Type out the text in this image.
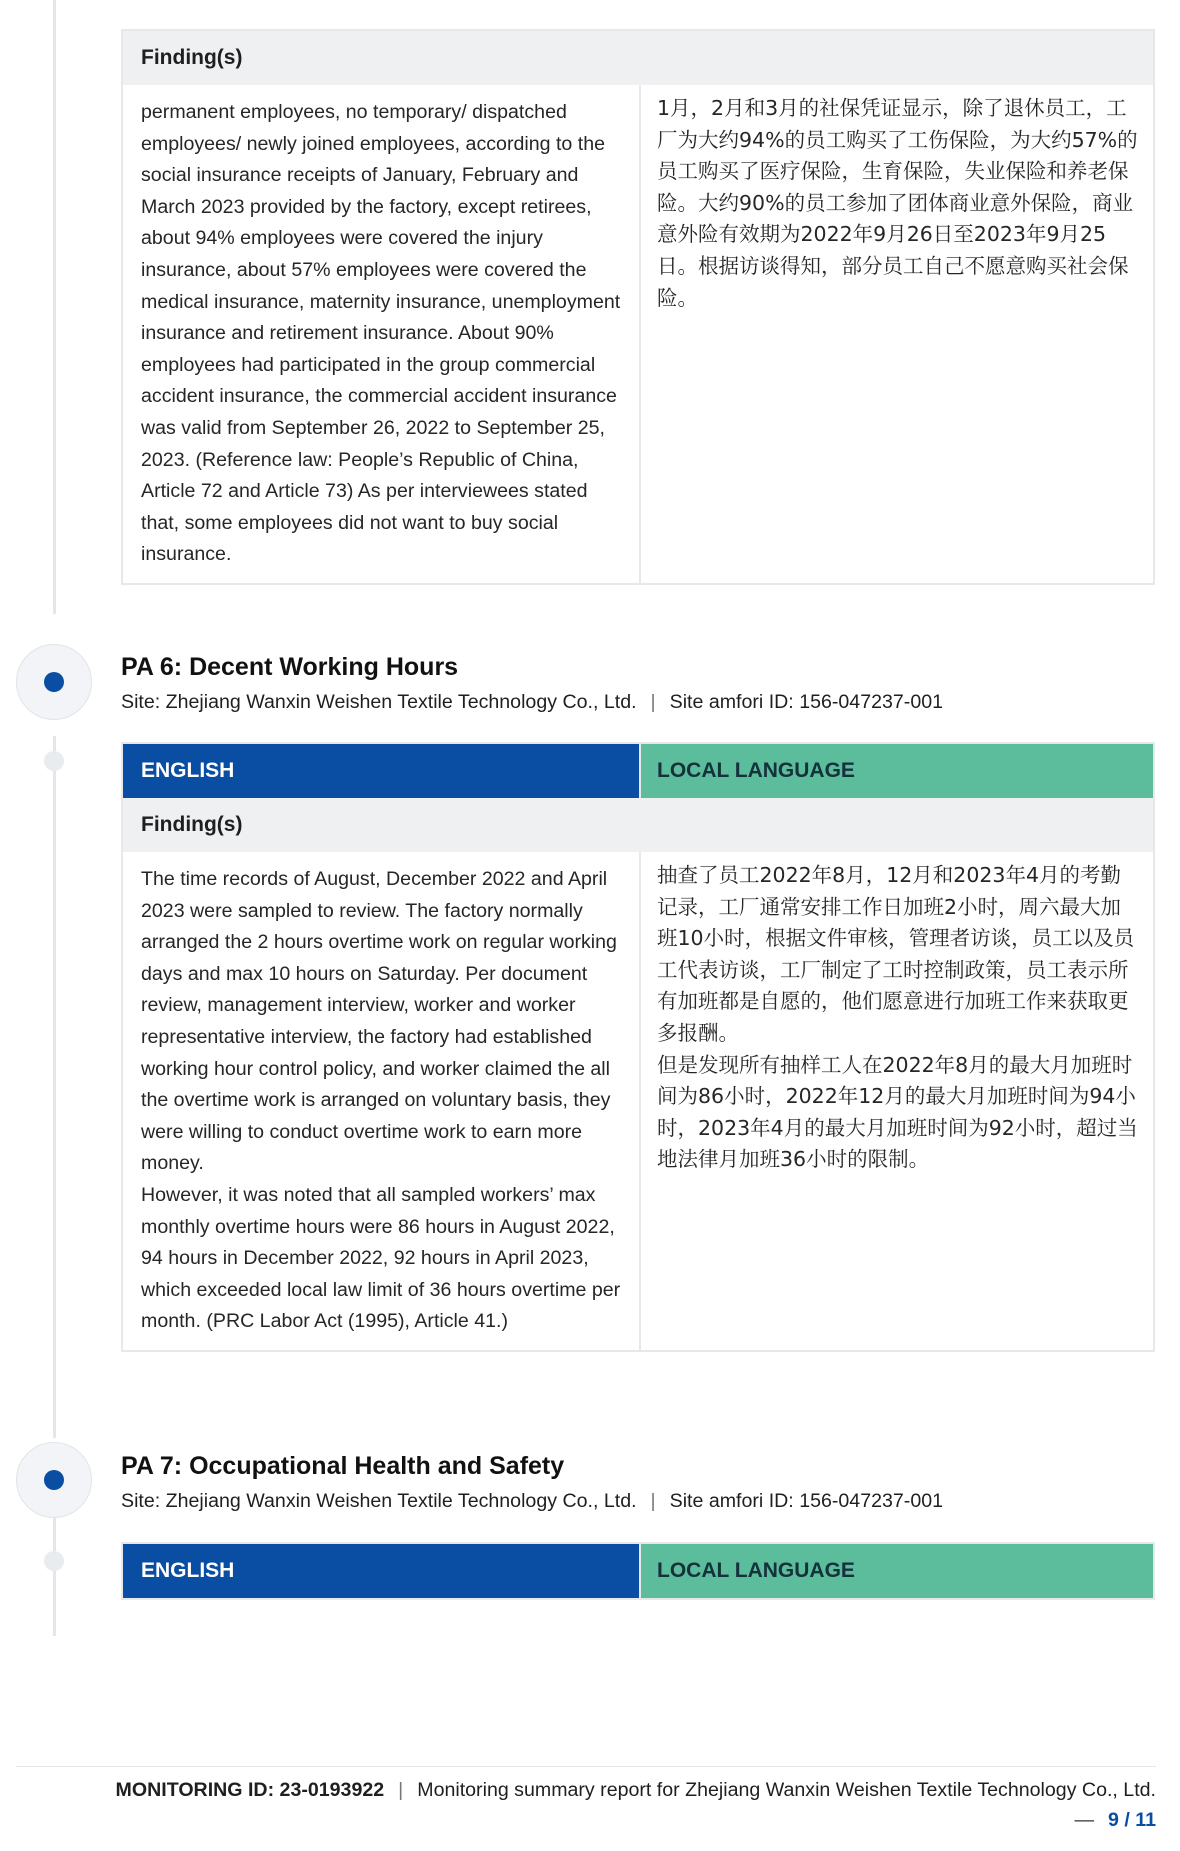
Finding(s)
permanent employees, no temporary/ dispatched employees/ newly joined employees, according to the social insurance receipts of January, February and March 2023 provided by the factory, except retirees, about 94% employees were covered the injury insurance, about 57% employees were covered the medical insurance, maternity insurance, unemployment insurance and retirement insurance. About 90% employees had participated in the group commercial accident insurance, the commercial accident insurance was valid from September 26, 2022 to September 25, 2023. (Reference law: People’s Republic of China, Article 72 and Article 73) As per interviewees stated that, some employees did not want to buy social insurance.
1月，2月和3月的社保凭证显示，除了退休员工，工厂为大约94%的员工购买了工伤保险，为大约57%的员工购买了医疗保险，生育保险，失业保险和养老保险。大约90%的员工参加了团体商业意外保险，商业意外险有效期为2022年9月26日至2023年9月25日。根据访谈得知，部分员工自己不愿意购买社会保险。
PA 6: Decent Working Hours
Site: Zhejiang Wanxin Weishen Textile Technology Co., Ltd. | Site amfori ID: 156-047237-001
ENGLISH	LOCAL LANGUAGE
Finding(s)
The time records of August, December 2022 and April 2023 were sampled to review. The factory normally arranged the 2 hours overtime work on regular working days and max 10 hours on Saturday. Per document review, management interview, worker and worker representative interview, the factory had established working hour control policy, and worker claimed the all the overtime work is arranged on voluntary basis, they were willing to conduct overtime work to earn more money.
However, it was noted that all sampled workers’ max monthly overtime hours were 86 hours in August 2022, 94 hours in December 2022, 92 hours in April 2023, which exceeded local law limit of 36 hours overtime per month. (PRC Labor Act (1995), Article 41.)
抽查了员工2022年8月，12月和2023年4月的考勤记录，工厂通常安排工作日加班2小时，周六最大加班10小时，根据文件审核，管理者访谈，员工以及员工代表访谈，工厂制定了工时控制政策，员工表示所有加班都是自愿的，他们愿意进行加班工作来获取更多报酬。
但是发现所有抽样工人在2022年8月的最大月加班时间为86小时，2022年12月的最大月加班时间为94小时，2023年4月的最大月加班时间为92小时，超过当地法律月加班36小时的限制。
PA 7: Occupational Health and Safety
Site: Zhejiang Wanxin Weishen Textile Technology Co., Ltd. | Site amfori ID: 156-047237-001
ENGLISH	LOCAL LANGUAGE
MONITORING ID: 23-0193922 | Monitoring summary report for Zhejiang Wanxin Weishen Textile Technology Co., Ltd.
— 9 / 11
